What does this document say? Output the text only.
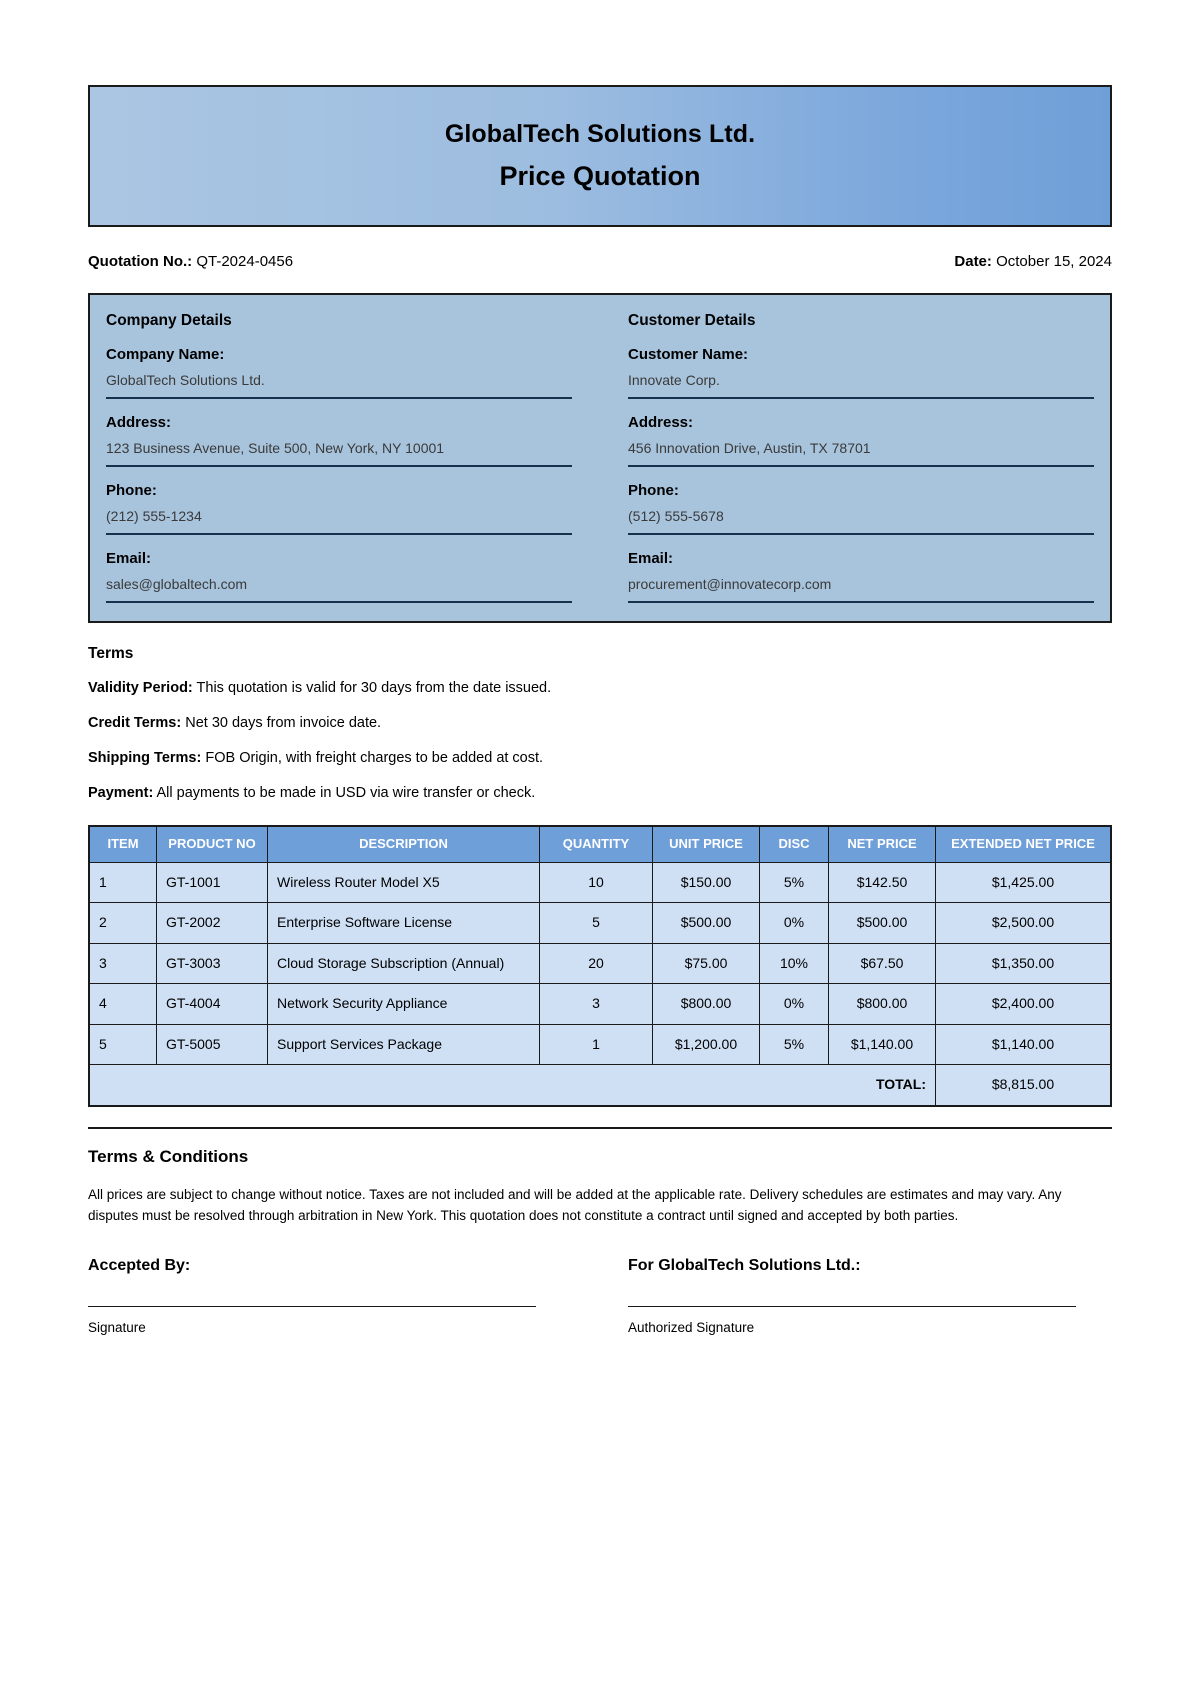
GlobalTech Solutions Ltd.
Price Quotation
Quotation No.: QT-2024-0456	Date: October 15, 2024
Company Details
Company Name:
GlobalTech Solutions Ltd.
Address:
123 Business Avenue, Suite 500, New York, NY 10001
Phone:
(212) 555-1234
Email:
sales@globaltech.com
Customer Details
Customer Name:
Innovate Corp.
Address:
456 Innovation Drive, Austin, TX 78701
Phone:
(512) 555-5678
Email:
procurement@innovatecorp.com
Terms
Validity Period: This quotation is valid for 30 days from the date issued.
Credit Terms: Net 30 days from invoice date.
Shipping Terms: FOB Origin, with freight charges to be added at cost.
Payment: All payments to be made in USD via wire transfer or check.
ITEM	PRODUCT NO	DESCRIPTION	QUANTITY	UNIT PRICE	DISC	NET PRICE	EXTENDED NET PRICE
1	GT-1001	Wireless Router Model X5	10	$150.00	5%	$142.50	$1,425.00
2	GT-2002	Enterprise Software License	5	$500.00	0%	$500.00	$2,500.00
3	GT-3003	Cloud Storage Subscription (Annual)	20	$75.00	10%	$67.50	$1,350.00
4	GT-4004	Network Security Appliance	3	$800.00	0%	$800.00	$2,400.00
5	GT-5005	Support Services Package	1	$1,200.00	5%	$1,140.00	$1,140.00
TOTAL:							$8,815.00
Terms & Conditions
All prices are subject to change without notice. Taxes are not included and will be added at the applicable rate. Delivery schedules are estimates and may vary. Any disputes must be resolved through arbitration in New York. This quotation does not constitute a contract until signed and accepted by both parties.
Accepted By:
Signature
For GlobalTech Solutions Ltd.:
Authorized Signature
